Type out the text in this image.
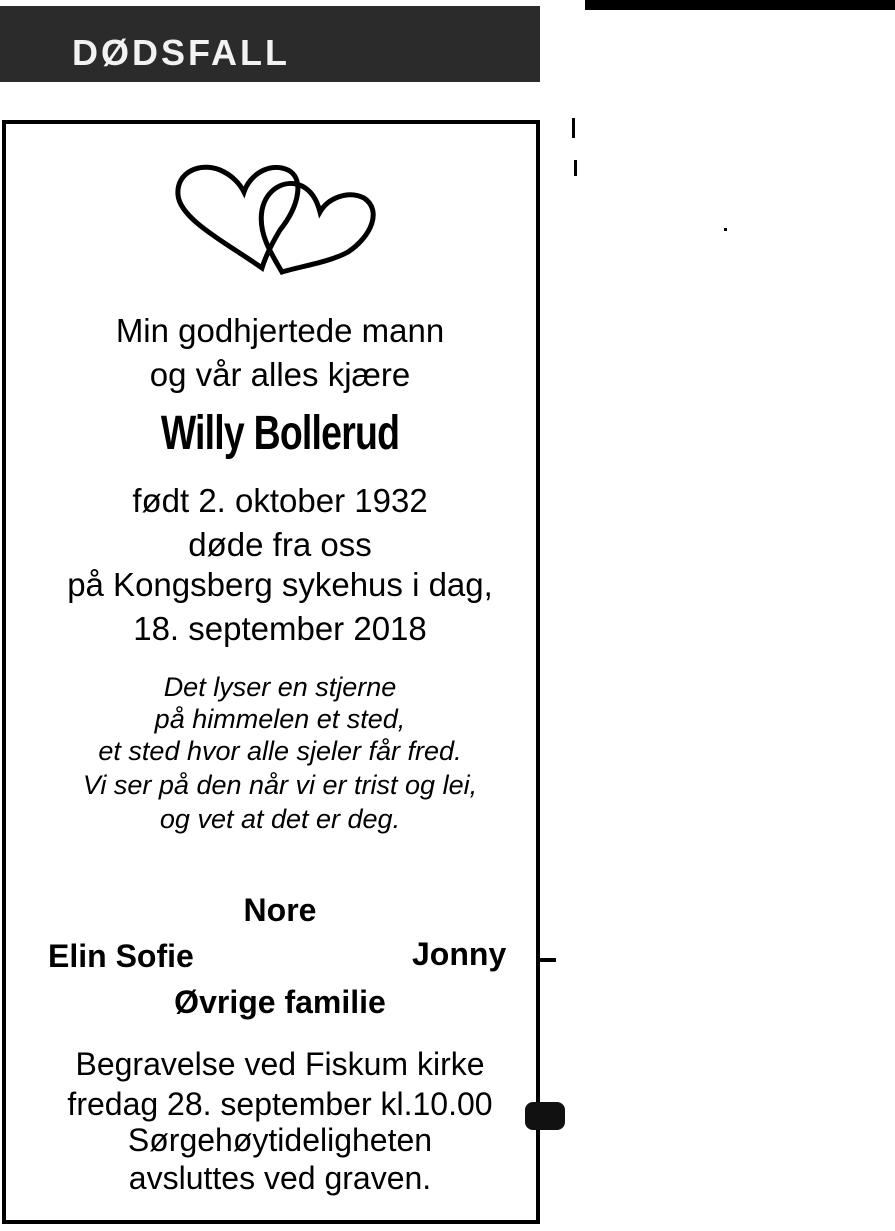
DØDSFALL
Min godhjertede mann
og vår alles kjære
Willy Bollerud
født 2. oktober 1932
døde fra oss
på Kongsberg sykehus i dag,
18. september 2018
Det lyser en stjerne
på himmelen et sted,
et sted hvor alle sjeler får fred.
Vi ser på den når vi er trist og lei,
og vet at det er deg.
Nore
Elin Sofie	Jonny
Øvrige familie
Begravelse ved Fiskum kirke
fredag 28. september kl.10.00
Sørgehøytideligheten
avsluttes ved graven.
